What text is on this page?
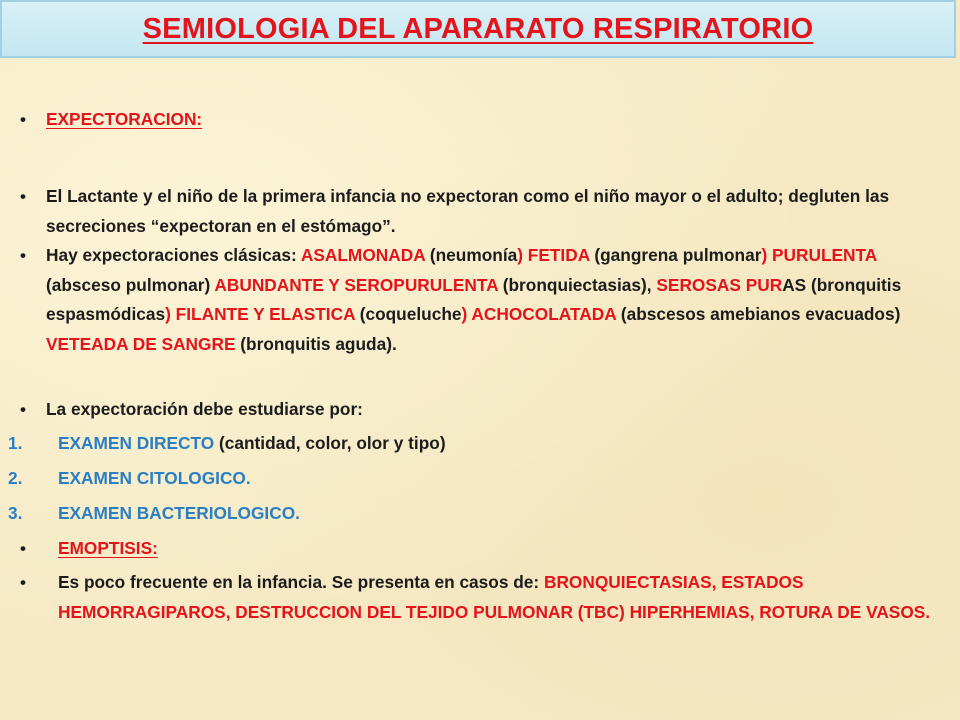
SEMIOLOGIA DEL APARARATO RESPIRATORIO
• EXPECTORACION:
• El Lactante y el niño de la primera infancia no expectoran como el niño mayor o el adulto; degluten las secreciones “expectoran en el estómago”.
• Hay expectoraciones clásicas: ASALMONADA (neumonía) FETIDA (gangrena pulmonar) PURULENTA (absceso pulmonar) ABUNDANTE Y SEROPURULENTA (bronquiectasias), SEROSAS PURAS (bronquitis espasmódicas) FILANTE Y ELASTICA (coqueluche) ACHOCOLATADA (abscesos amebianos evacuados) VETEADA DE SANGRE (bronquitis aguda).
• La expectoración debe estudiarse por:
1. EXAMEN DIRECTO (cantidad, color, olor y tipo)
2. EXAMEN CITOLOGICO.
3. EXAMEN BACTERIOLOGICO.
• EMOPTISIS:
• Es poco frecuente en la infancia. Se presenta en casos de: BRONQUIECTASIAS, ESTADOS HEMORRAGIPAROS, DESTRUCCION DEL TEJIDO PULMONAR (TBC) HIPERHEMIAS, ROTURA DE VASOS.
